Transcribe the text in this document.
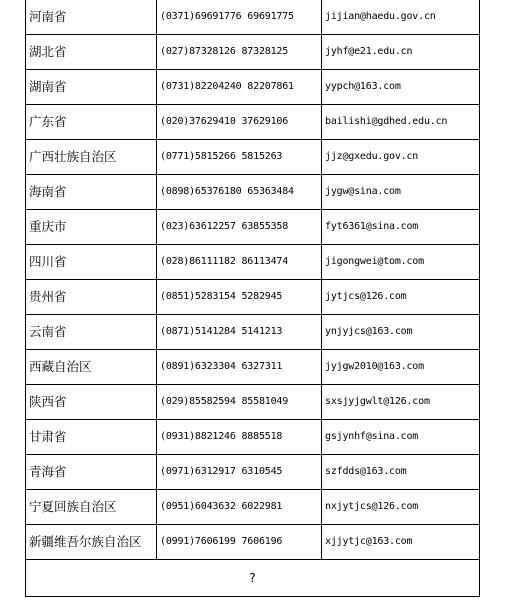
河南省	(0371)69691776 69691775	jijian@haedu.gov.cn
湖北省	(027)87328126 87328125	jyhf@e21.edu.cn
湖南省	(0731)82204240 82207861	yypch@163.com
广东省	(020)37629410 37629106	bailishi@gdhed.edu.cn
广西壮族自治区	(0771)5815266 5815263	jjz@gxedu.gov.cn
海南省	(0898)65376180 65363484	jygw@sina.com
重庆市	(023)63612257 63855358	fyt6361@sina.com
四川省	(028)86111182 86113474	jigongwei@tom.com
贵州省	(0851)5283154 5282945	jytjcs@126.com
云南省	(0871)5141284 5141213	ynjyjcs@163.com
西藏自治区	(0891)6323304 6327311	jyjgw2010@163.com
陕西省	(029)85582594 85581049	sxsjyjgwlt@126.com
甘肃省	(0931)8821246 8885518	gsjynhf@sina.com
青海省	(0971)6312917 6310545	szfdds@163.com
宁夏回族自治区	(0951)6043632 6022981	nxjytjcs@126.com
新疆维吾尔族自治区	(0991)7606199 7606196	xjjytjc@163.com
?		
